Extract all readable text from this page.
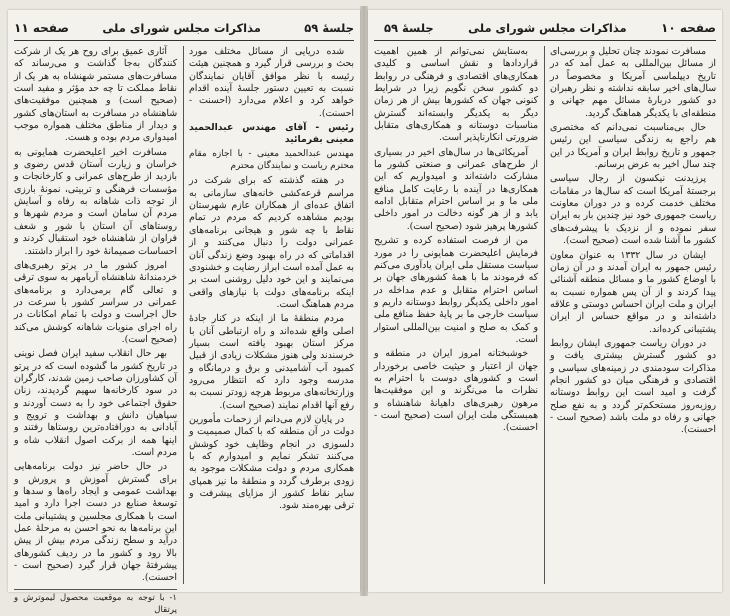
جلسهٔ ۵۹
مذاکرات مجلس شورای ملی
صفحه ۱۱

شده دریایی از مسائل مختلف مورد بحث و بررسی قرار گیرد و همچنین هیئت رئیسه با نظر موافق آقایان نمایندگان نسبت به تعیین دستور جلسهٔ آینده اقدام خواهد کرد و اعلام می‌دارد (احسنت - احسنت).

رئیس - آقای مهندس عبدالحمید معینی بفرمائید

مهندس عبدالحمید معینی - با اجازه مقام محترم ریاست و نمایندگان محترم

در هفته گذشته که برای شرکت در مراسم قرعه‌کشی خانه‌های سازمانی به اتفاق عده‌ای از همکاران عازم شهرستان بودیم مشاهده کردیم که مردم در تمام نقاط با چه شور و هیجانی برنامه‌های عمرانی دولت را دنبال می‌کنند و از اقداماتی که در راه بهبود وضع زندگی آنان به عمل آمده است ابراز رضایت و خشنودی می‌نمایند و این خود دلیل روشنی است بر اینکه برنامه‌های دولت با نیازهای واقعی مردم هماهنگ است.

مردم منطقهٔ ما از اینکه در کنار جادهٔ اصلی واقع شده‌اند و راه ارتباطی آنان با مرکز استان بهبود یافته است بسیار خرسندند ولی هنوز مشکلات زیادی از قبیل کمبود آب آشامیدنی و برق و درمانگاه و مدرسه وجود دارد که انتظار می‌رود وزارتخانه‌های مربوط هرچه زودتر نسبت به رفع آنها اقدام نمایند (صحیح است).

در پایان لازم می‌دانم از زحمات مأمورین دولت در آن منطقه که با کمال صمیمیت و دلسوزی در انجام وظایف خود کوشش می‌کنند تشکر نمایم و امیدوارم که با همکاری مردم و دولت مشکلات موجود به زودی برطرف گردد و منطقهٔ ما نیز همپای سایر نقاط کشور از مزایای پیشرفت و ترقی بهره‌مند شود.

آثاری عمیق برای روح هر یک از شرکت کنندگان به‌جا گذاشت و می‌رساند که مسافرت‌های مستمر شهنشاه به هر یک از نقاط مملکت تا چه حد مؤثر و مفید است (صحیح است) و همچنین موفقیت‌های شاهنشاه در مسافرت به استان‌های کشور و دیدار از مناطق مختلف همواره موجب امیدواری مردم بوده و هست.

مسافرت اخیر اعلیحضرت همایونی به خراسان و زیارت آستان قدس رضوی و بازدید از طرح‌های عمرانی و کارخانجات و مؤسسات فرهنگی و تربیتی، نمونهٔ بارزی از توجه ذات شاهانه به رفاه و آسایش مردم آن سامان است و مردم شهرها و روستاهای آن استان با شور و شعف فراوان از شاهنشاه خود استقبال کردند و احساسات صمیمانهٔ خود را ابراز داشتند.

امروز کشور ما در پرتو رهبری‌های خردمندانهٔ شاهنشاه آریامهر به سوی ترقی و تعالی گام برمی‌دارد و برنامه‌های عمرانی در سراسر کشور با سرعت در حال اجراست و دولت با تمام امکانات در راه اجرای منویات شاهانه کوشش می‌کند (صحیح است).

بهر حال انقلاب سفید ایران فصل نوینی در تاریخ کشور ما گشوده است که در پرتو آن کشاورزان صاحب زمین شدند، کارگران در سود کارخانه‌ها سهیم گردیدند، زنان حقوق اجتماعی خود را به دست آوردند و سپاهیان دانش و بهداشت و ترویج و آبادانی به دورافتاده‌ترین روستاها رفتند و اینها همه از برکت اصول انقلاب شاه و مردم است.

در حال حاضر نیز دولت برنامه‌هایی برای گسترش آموزش و پرورش و بهداشت عمومی و ایجاد راه‌ها و سدها و توسعهٔ صنایع در دست اجرا دارد و امید است با همکاری مجلسین و پشتیبانی ملت این برنامه‌ها به نحو احسن به مرحلهٔ عمل درآید و سطح زندگی مردم بیش از پیش بالا رود و کشور ما در ردیف کشورهای پیشرفتهٔ جهان قرار گیرد (صحیح است - احسنت).

۱- با توجه به موقعیت محصول لیموترش و پرتقال

صفحه ۱۰
مذاکرات مجلس شورای ملی
جلسهٔ ۵۹

مسافرت نمودند چنان تحلیل و بررسی‌ای از مسائل بین‌المللی به عمل آمد که در تاریخ دیپلماسی آمریکا و مخصوصاً در سال‌های اخیر سابقه نداشته و نظر رهبران دو کشور دربارهٔ مسائل مهم جهانی و منطقه‌ای با یکدیگر هماهنگ گردید.

حال بی‌مناسبت نمی‌دانم که مختصری هم راجع به زندگی سیاسی این رئیس جمهور و تاریخ روابط ایران و آمریکا در این چند سال اخیر به عرض برسانم.

پرزیدنت نیکسون از رجال سیاسی برجستهٔ آمریکا است که سال‌ها در مقامات مختلف خدمت کرده و در دوران معاونت ریاست جمهوری خود نیز چندین بار به ایران سفر نموده و از نزدیک با پیشرفت‌های کشور ما آشنا شده است (صحیح است).

ایشان در سال ۱۳۳۲ به عنوان معاون رئیس جمهور به ایران آمدند و در آن زمان با اوضاع کشور ما و مسائل منطقه آشنائی پیدا کردند و از آن پس همواره نسبت به ایران و ملت ایران احساس دوستی و علاقه داشته‌اند و در مواقع حساس از ایران پشتیبانی کرده‌اند.

در دوران ریاست جمهوری ایشان روابط دو کشور گسترش بیشتری یافت و مذاکرات سودمندی در زمینه‌های سیاسی و اقتصادی و فرهنگی میان دو کشور انجام گرفت و امید است این روابط دوستانه روزبه‌روز مستحکم‌تر گردد و به نفع صلح جهانی و رفاه دو ملت باشد (صحیح است - احسنت).

به‌ستایش نمی‌توانم از همین اهمیت قراردادها و نقش اساسی و کلیدی همکاری‌های اقتصادی و فرهنگی در روابط دو کشور سخن نگویم زیرا در شرایط کنونی جهان که کشورها بیش از هر زمان دیگر به یکدیگر وابسته‌اند گسترش مناسبات دوستانه و همکاری‌های متقابل ضرورتی انکارناپذیر است.

آمریکائی‌ها در سال‌های اخیر در بسیاری از طرح‌های عمرانی و صنعتی کشور ما مشارکت داشته‌اند و امیدواریم که این همکاری‌ها در آینده با رعایت کامل منافع ملی ما و بر اساس احترام متقابل ادامه یابد و از هر گونه دخالت در امور داخلی کشورها پرهیز شود (صحیح است).

من از فرصت استفاده کرده و تشریح فرمایش اعلیحضرت همایونی را در مورد سیاست مستقل ملی ایران یادآوری می‌کنم که فرمودند ما با همهٔ کشورهای جهان بر اساس احترام متقابل و عدم مداخله در امور داخلی یکدیگر روابط دوستانه داریم و سیاست خارجی ما بر پایهٔ حفظ منافع ملی و کمک به صلح و امنیت بین‌المللی استوار است.

خوشبختانه امروز ایران در منطقه و جهان از اعتبار و حیثیت خاصی برخوردار است و کشورهای دوست با احترام به نظرات ما می‌نگرند و این موفقیت‌ها مرهون رهبری‌های داهیانهٔ شاهنشاه و همبستگی ملت ایران است (صحیح است - احسنت).
